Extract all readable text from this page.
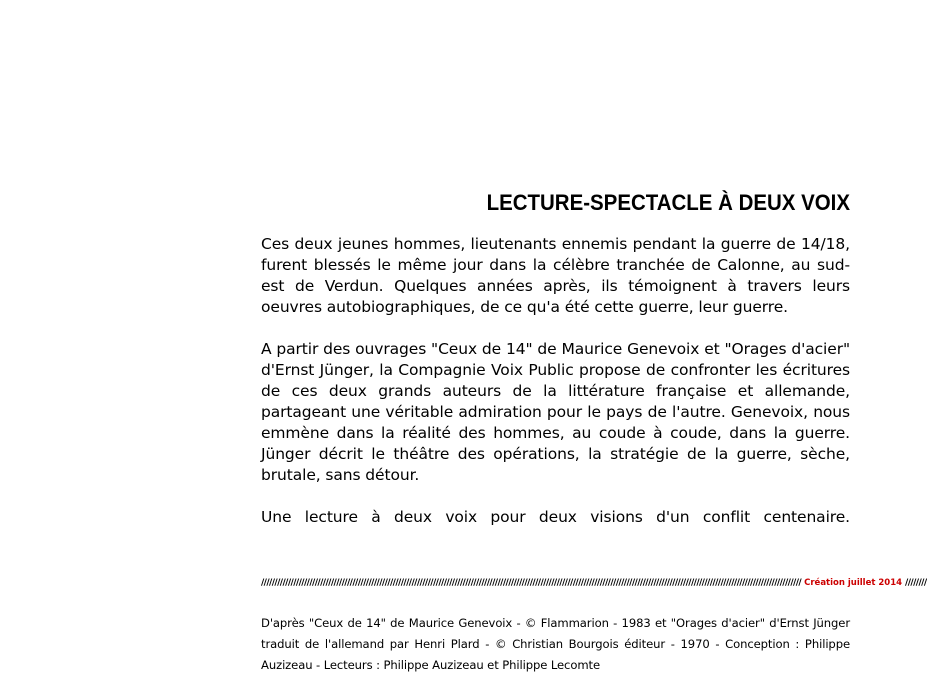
LECTURE-SPECTACLE À DEUX VOIX

Ces deux jeunes hommes, lieutenants ennemis pendant la guerre de 14/18, furent blessés le même jour dans la célèbre tranchée de Calonne, au sud-est de Verdun. Quelques années après, ils témoignent à travers leurs oeuvres autobiographiques, de ce qu'a été cette guerre, leur guerre.

A partir des ouvrages "Ceux de 14" de Maurice Genevoix et "Orages d'acier" d'Ernst Jünger, la Compagnie Voix Public propose de confronter les écritures de ces deux grands auteurs de la littérature française et allemande, partageant une véritable admiration pour le pays de l'autre. Genevoix, nous emmène dans la réalité des hommes, au coude à coude, dans la guerre. Jünger décrit le théâtre des opérations, la stratégie de la guerre, sèche, brutale, sans détour.

Une lecture à deux voix pour deux visions d'un conflit centenaire.

///////////////////////////////////////////////////////////////////////////////////////////////////////////////////////////////////////////////////////////////////////////////////////////////////////// Création juillet 2014 ////////

D'après "Ceux de 14" de Maurice Genevoix - © Flammarion - 1983 et "Orages d'acier" d'Ernst Jünger traduit de l'allemand par Henri Plard - © Christian Bourgois éditeur - 1970 - Conception : Philippe Auzizeau - Lecteurs : Philippe Auzizeau et Philippe Lecomte
